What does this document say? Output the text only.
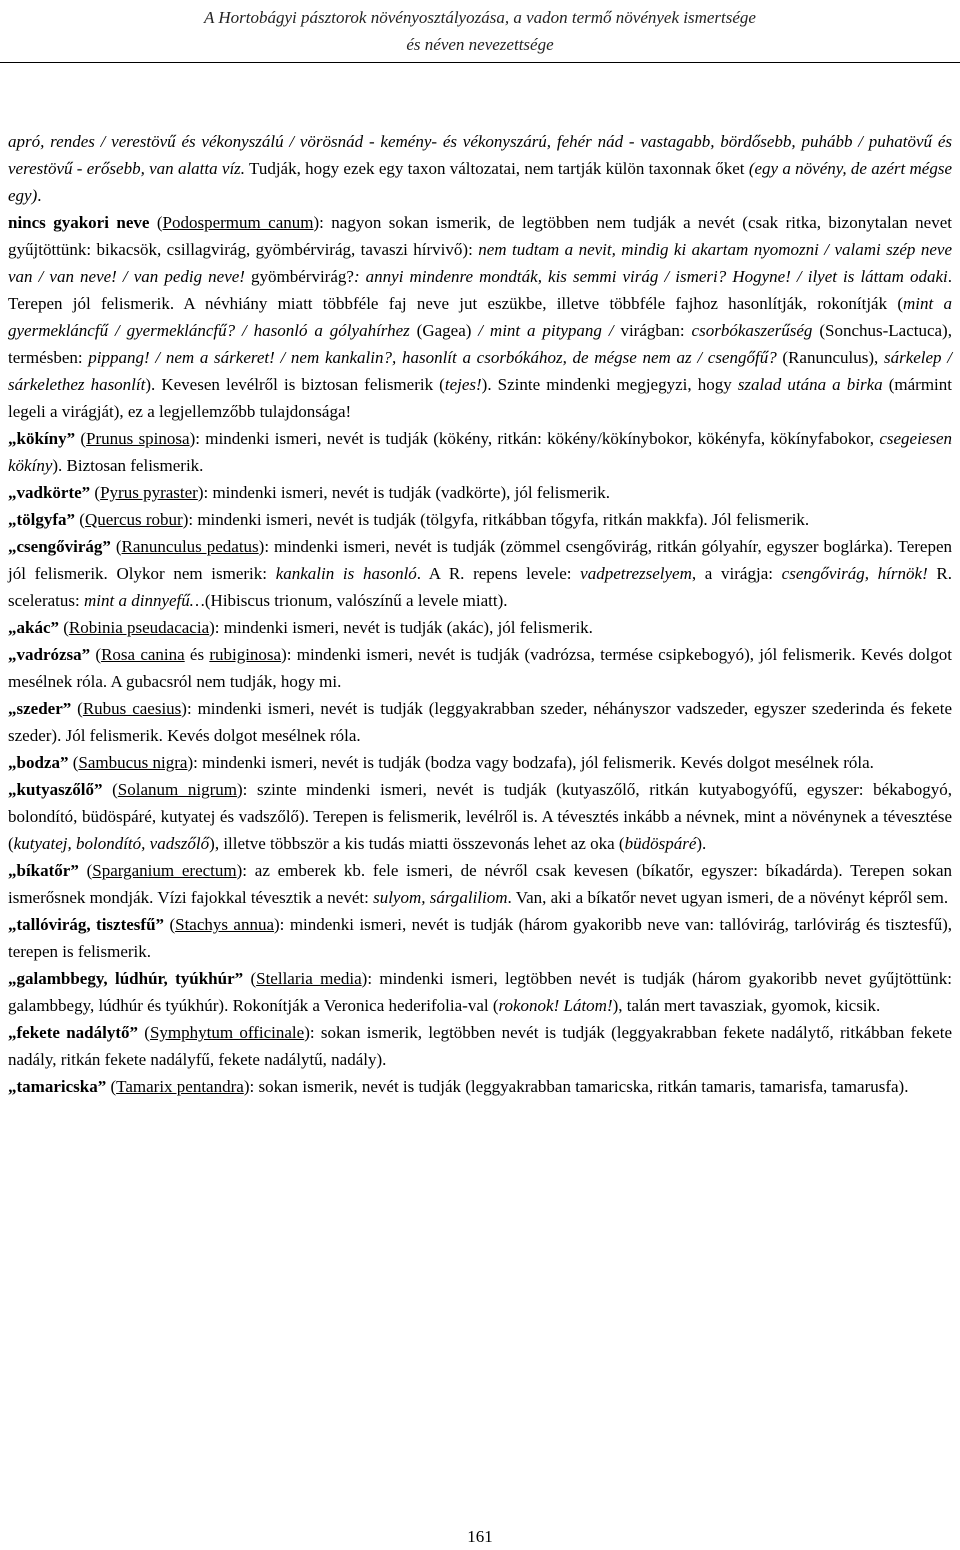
A Hortobágyi pásztorok növényosztályozása, a vadon termő növények ismertsége
és néven nevezettsége

apró, rendes / verestövű és vékonyszálú / vörösnád - kemény- és vékonyszárú, fehér nád - vastagabb, bördősebb, puhább / puhatövű és verestövű - erősebb, van alatta víz. Tudják, hogy ezek egy taxon változatai, nem tartják külön taxonnak őket (egy a növény, de azért mégse egy).

nincs gyakori neve (Podospermum canum): nagyon sokan ismerik, de legtöbben nem tudják a nevét (csak ritka, bizonytalan nevet gyűjtöttünk: bikacsök, csillagvirág, gyömbérvirág, tavaszi hírvivő): nem tudtam a nevit, mindig ki akartam nyomozni / valami szép neve van / van neve! / van pedig neve! gyömbérvirág?: annyi mindenre mondták, kis semmi virág / ismeri? Hogyne! / ilyet is láttam odaki. Terepen jól felismerik. A névhiány miatt többféle faj neve jut eszükbe, illetve többféle fajhoz hasonlítják, rokonítják (mint a gyermekláncfű / gyermekláncfű? / hasonló a gólyahírhez (Gagea) / mint a pitypang / virágban: csorbókaszerűség (Sonchus-Lactuca), termésben: pippang! / nem a sárkeret! / nem kankalin?, hasonlít a csorbókához, de mégse nem az / csengőfű? (Ranunculus), sárkelep / sárkelethez hasonlít). Kevesen levélről is biztosan felismerik (tejes!). Szinte mindenki megjegyzi, hogy szalad utána a birka (mármint legeli a virágját), ez a legjellemzőbb tulajdonsága!

„kökíny” (Prunus spinosa): mindenki ismeri, nevét is tudják (kökény, ritkán: kökény/kökínybokor, kökényfa, kökínyfabokor, csegeiesen kökíny). Biztosan felismerik.

„vadkörte” (Pyrus pyraster): mindenki ismeri, nevét is tudják (vadkörte), jól felismerik.

„tölgyfa” (Quercus robur): mindenki ismeri, nevét is tudják (tölgyfa, ritkábban tőgyfa, ritkán makkfa). Jól felismerik.

„csengővirág” (Ranunculus pedatus): mindenki ismeri, nevét is tudják (zömmel csengővirág, ritkán gólyahír, egyszer boglárka). Terepen jól felismerik. Olykor nem ismerik: kankalin is hasonló. A R. repens levele: vadpetrezselyem, a virágja: csengővirág, hírnök! R. sceleratus: mint a dinnyefű…(Hibiscus trionum, valószínű a levele miatt).

„akác” (Robinia pseudacacia): mindenki ismeri, nevét is tudják (akác), jól felismerik.

„vadrózsa” (Rosa canina és rubiginosa): mindenki ismeri, nevét is tudják (vadrózsa, termése csipkebogyó), jól felismerik. Kevés dolgot mesélnek róla. A gubacsról nem tudják, hogy mi.

„szeder” (Rubus caesius): mindenki ismeri, nevét is tudják (leggyakrabban szeder, néhányszor vadszeder, egyszer szederinda és fekete szeder). Jól felismerik. Kevés dolgot mesélnek róla.

„bodza” (Sambucus nigra): mindenki ismeri, nevét is tudják (bodza vagy bodzafa), jól felismerik. Kevés dolgot mesélnek róla.

„kutyaszőlő” (Solanum nigrum): szinte mindenki ismeri, nevét is tudják (kutyaszőlő, ritkán kutyabogyófű, egyszer: békabogyó, bolondító, büdöspáré, kutyatej és vadszőlő). Terepen is felismerik, levélről is. A tévesztés inkább a névnek, mint a növénynek a tévesztése (kutyatej, bolondító, vadszőlő), illetve többször a kis tudás miatti összevonás lehet az oka (büdöspáré).

„bíkatőr” (Sparganium erectum): az emberek kb. fele ismeri, de névről csak kevesen (bíkatőr, egyszer: bíkadárda). Terepen sokan ismerősnek mondják. Vízi fajokkal tévesztik a nevét: sulyom, sárgaliliom. Van, aki a bíkatőr nevet ugyan ismeri, de a növényt képről sem.

„tallóvirág, tisztesfű” (Stachys annua): mindenki ismeri, nevét is tudják (három gyakoribb neve van: tallóvirág, tarlóvirág és tisztesfű), terepen is felismerik.

„galambbegy, lúdhúr, tyúkhúr” (Stellaria media): mindenki ismeri, legtöbben nevét is tudják (három gyakoribb nevet gyűjtöttünk: galambbegy, lúdhúr és tyúkhúr). Rokonítják a Veronica hederifolia-val (rokonok! Látom!), talán mert tavasziak, gyomok, kicsik.

„fekete nadálytő” (Symphytum officinale): sokan ismerik, legtöbben nevét is tudják (leggyakrabban fekete nadálytő, ritkábban fekete nadály, ritkán fekete nadályfű, fekete nadálytű, nadály).

„tamaricska” (Tamarix pentandra): sokan ismerik, nevét is tudják (leggyakrabban tamaricska, ritkán tamaris, tamarisfa, tamarusfa).

161
